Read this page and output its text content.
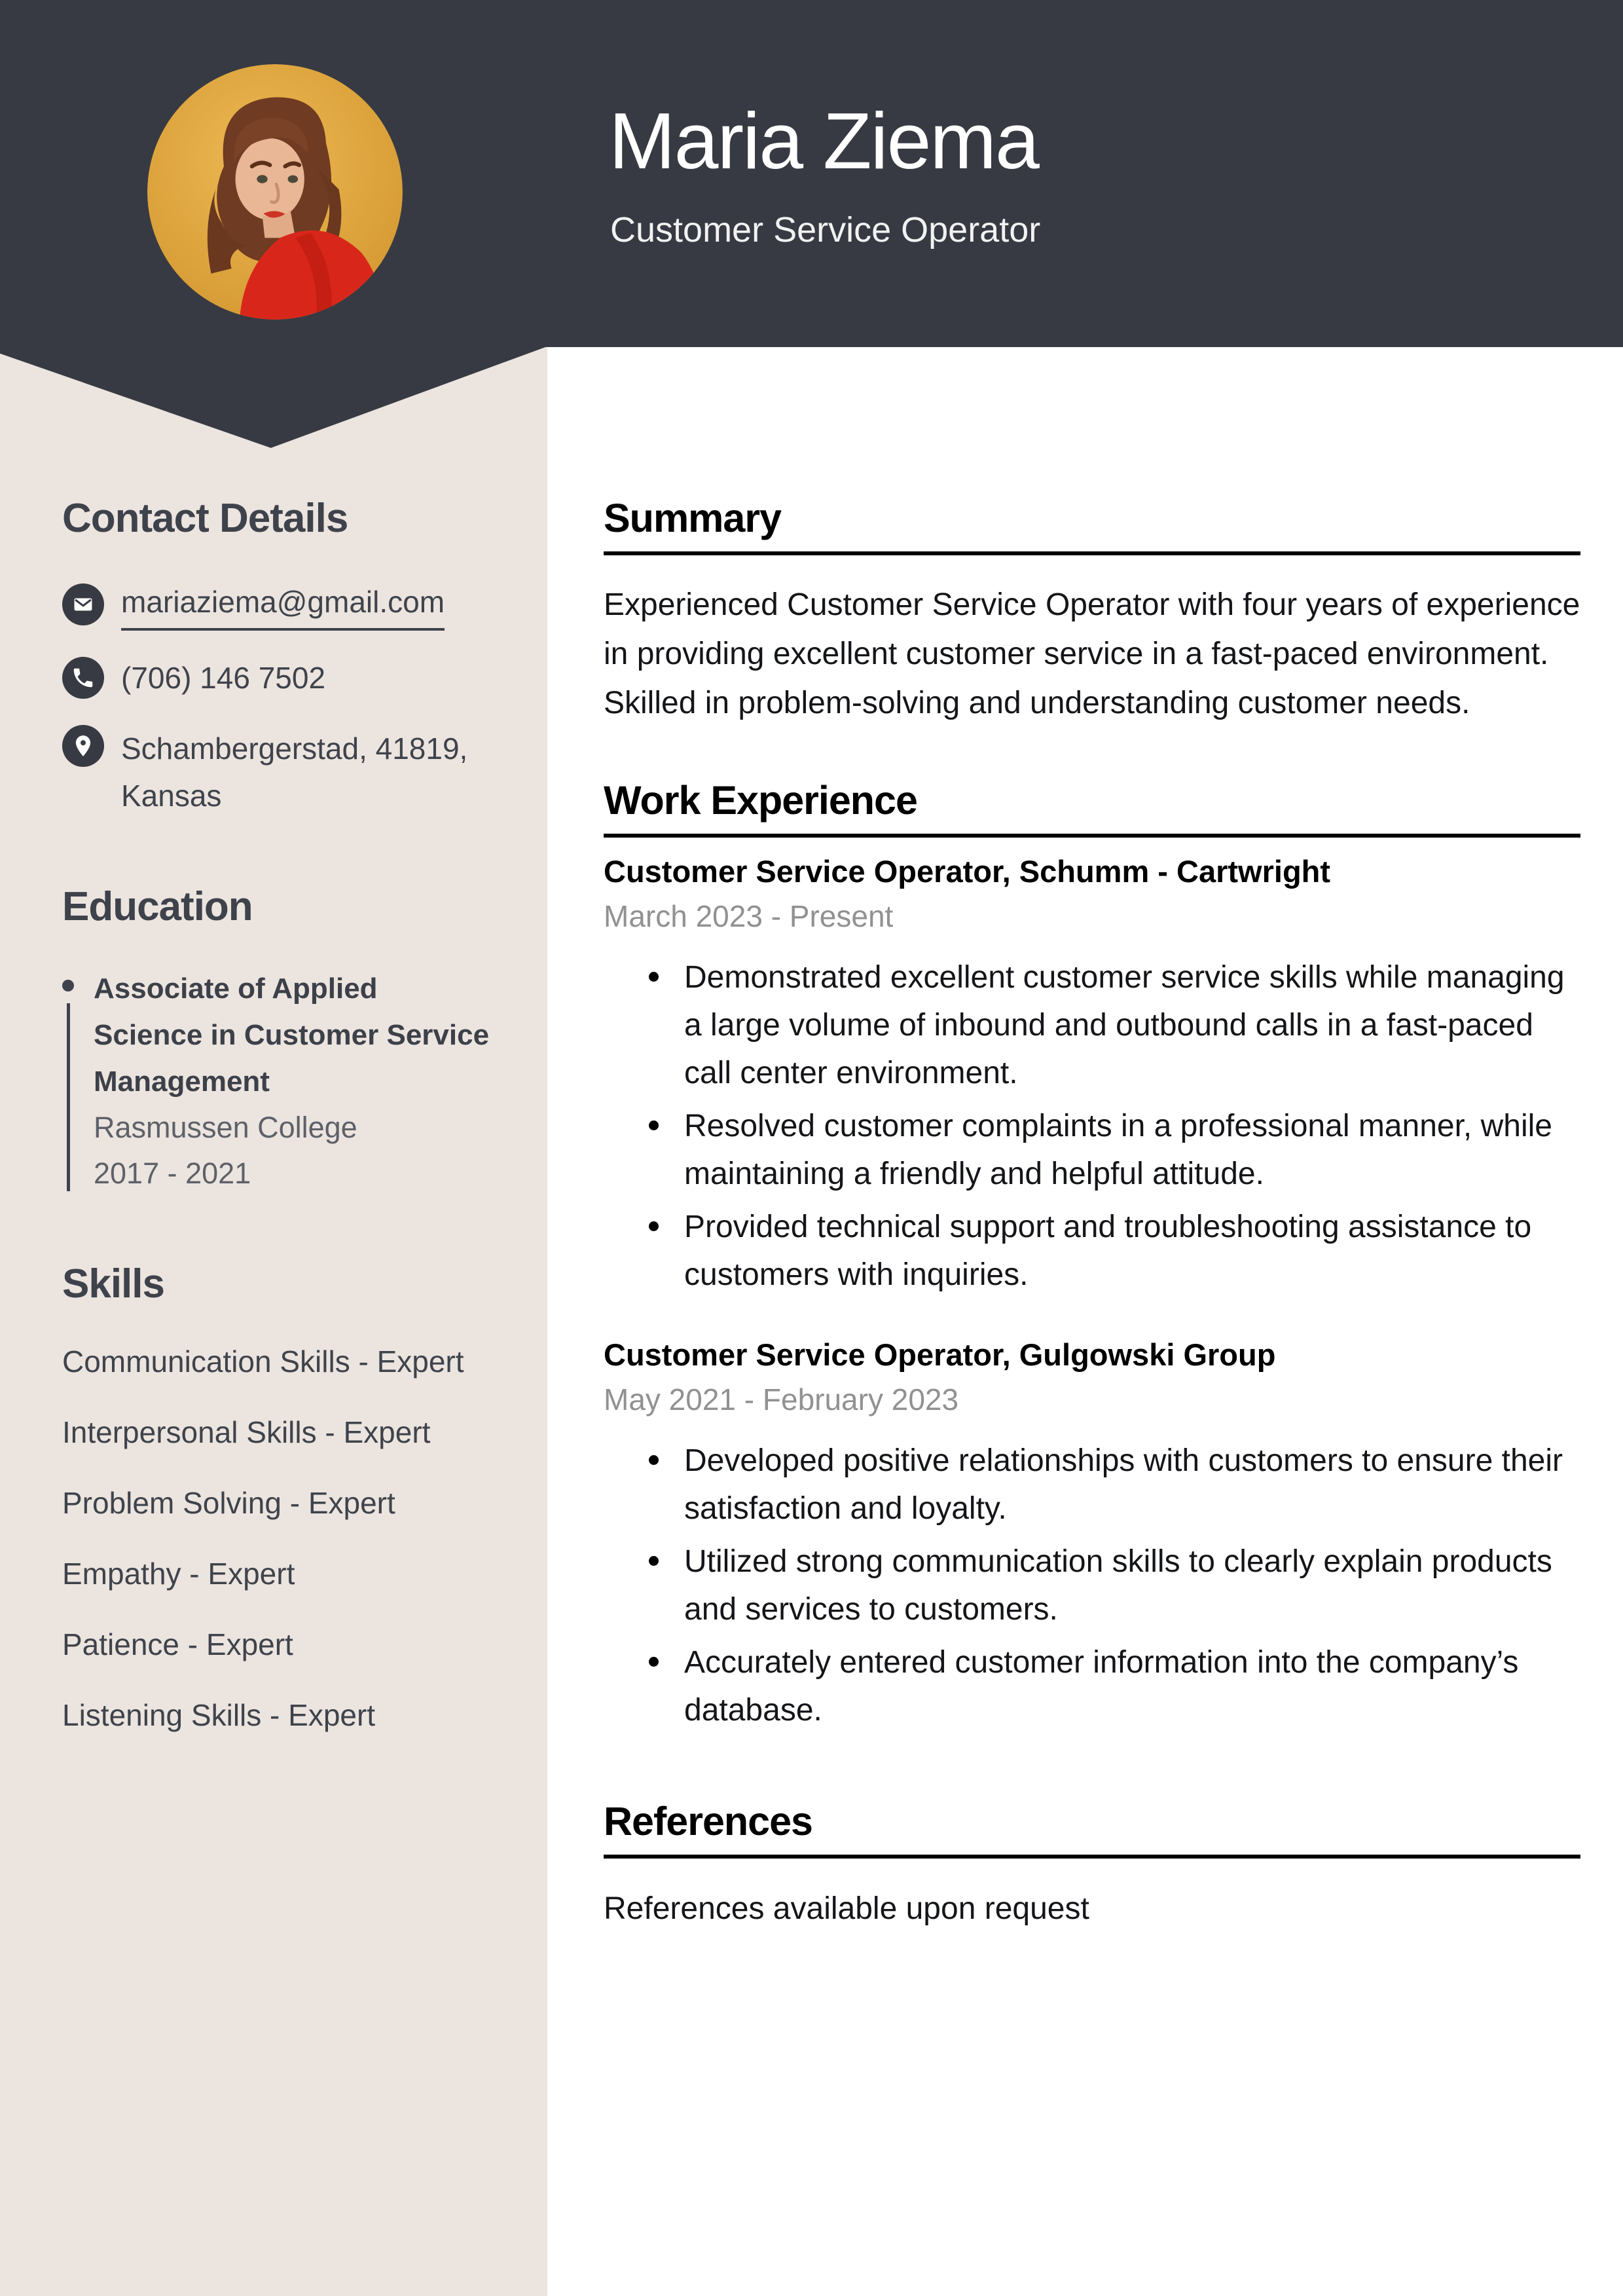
Maria Ziema
Customer Service Operator
Contact Details
mariaziema@gmail.com
(706) 146 7502
Schambergerstad, 41819, Kansas
Education
Associate of Applied Science in Customer Service Management
Rasmussen College
2017 - 2021
Skills
Communication Skills - Expert
Interpersonal Skills - Expert
Problem Solving - Expert
Empathy - Expert
Patience - Expert
Listening Skills - Expert
Summary

Experienced Customer Service Operator with four years of experience in providing excellent customer service in a fast-paced environment. Skilled in problem-solving and understanding customer needs.

Work Experience

Customer Service Operator, Schumm - Cartwright

March 2023 - Present

Demonstrated excellent customer service skills while managing a large volume of inbound and outbound calls in a fast-paced call center environment.
Resolved customer complaints in a professional manner, while maintaining a friendly and helpful attitude.
Provided technical support and troubleshooting assistance to customers with inquiries.

Customer Service Operator, Gulgowski Group

May 2021 - February 2023

Developed positive relationships with customers to ensure their satisfaction and loyalty.
Utilized strong communication skills to clearly explain products and services to customers.
Accurately entered customer information into the company’s database.
References

References available upon request
